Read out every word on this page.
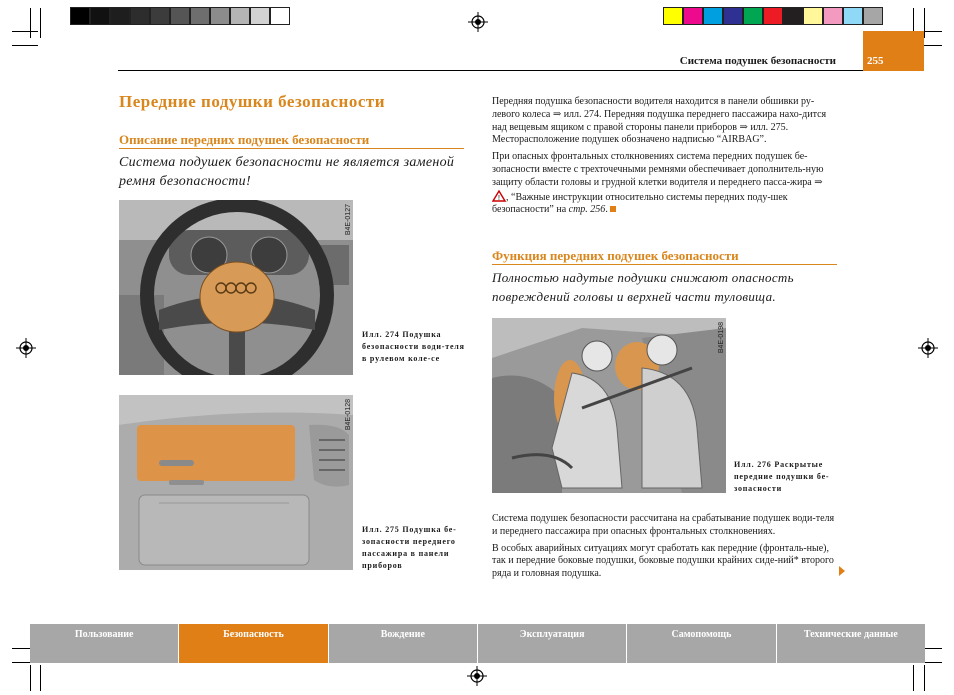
255
Система подушек безопасности
Передние подушки безопасности
Описание передних подушек безопасности
Система подушек безопасности не является заменой ремня безопасности!
B4E-0127
Илл. 274 Подушка безопасности води-теля в рулевом коле-се
B4E-0128
Илл. 275 Подушка бе-зопасности переднего пассажира в панели приборов

Передняя подушка безопасности водителя находится в панели обшивки ру-левого колеса ⇒ илл. 274. Передняя подушка переднего пассажира нахо-дится над вещевым ящиком с правой стороны панели приборов ⇒ илл. 275. Месторасположение подушек обозначено надписью “AIRBAG”.

При опасных фронтальных столкновениях система передних подушек бе-зопасности вместе с трехточечными ремнями обеспечивает дополнитель-ную защиту области головы и грудной клетки водителя и переднего пасса-жира ⇒
! , “Важные инструкции относительно системы передних поду-шек безопасности” на стр. 256.

Функция передних подушек безопасности
Полностью надутые подушки снижают опасность повреждений головы и верхней части туловища.
B4E-0198
Илл. 276 Раскрытые передние подушки бе-зопасности

Система подушек безопасности рассчитана на срабатывание подушек води-теля и переднего пассажира при опасных фронтальных столкновениях.

В особых аварийных ситуациях могут сработать как передние (фронталь-ные), так и передние боковые подушки, боковые подушки крайних сиде-ний* второго ряда и головная подушка.

Пользование	Безопасность	Вождение	Эксплуатация	Самопомощь	Технические данные
